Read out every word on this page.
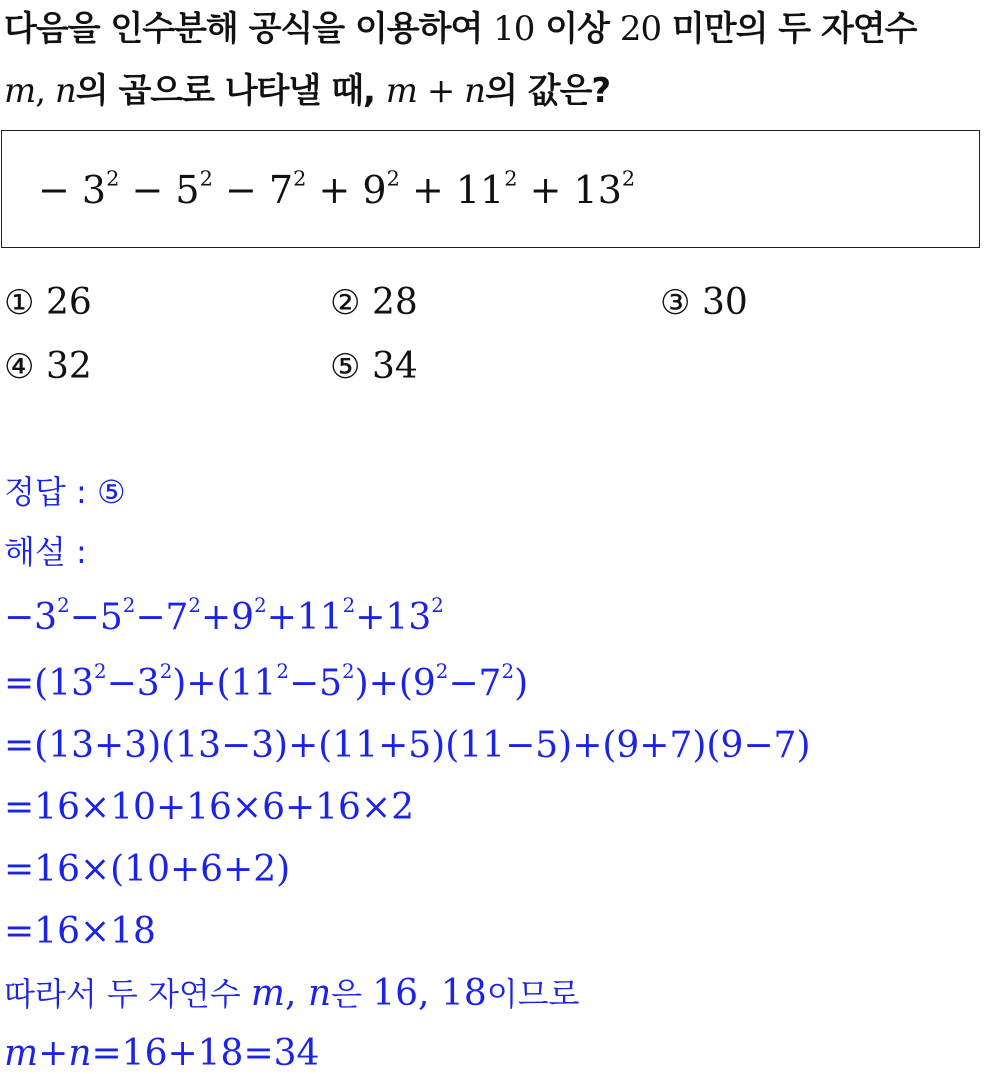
다음을 인수분해 공식을 이용하여 10 이상 20 미만의 두 자연수
m, n의 곱으로 나타낼 때, m + n의 값은?
− $3^2 - 5^2 - 7^2 + 9^2 + 11^2 + 13^2$
① 26	② 28	③ 30
④ 32	⑤ 34
정답 : ⑤
해설 :
$-3^2-5^2-7^2+9^2+11^2+13^2$
$=(13^2-3^2)+(11^2-5^2)+(9^2-7^2)$
=(13+3)(13−3)+(11+5)(11−5)+(9+7)(9−7)
=16×10+16×6+16×2
=16×(10+6+2)
=16×18
따라서 두 자연수 m, n은 16, 18이므로
m+n=16+18=34
